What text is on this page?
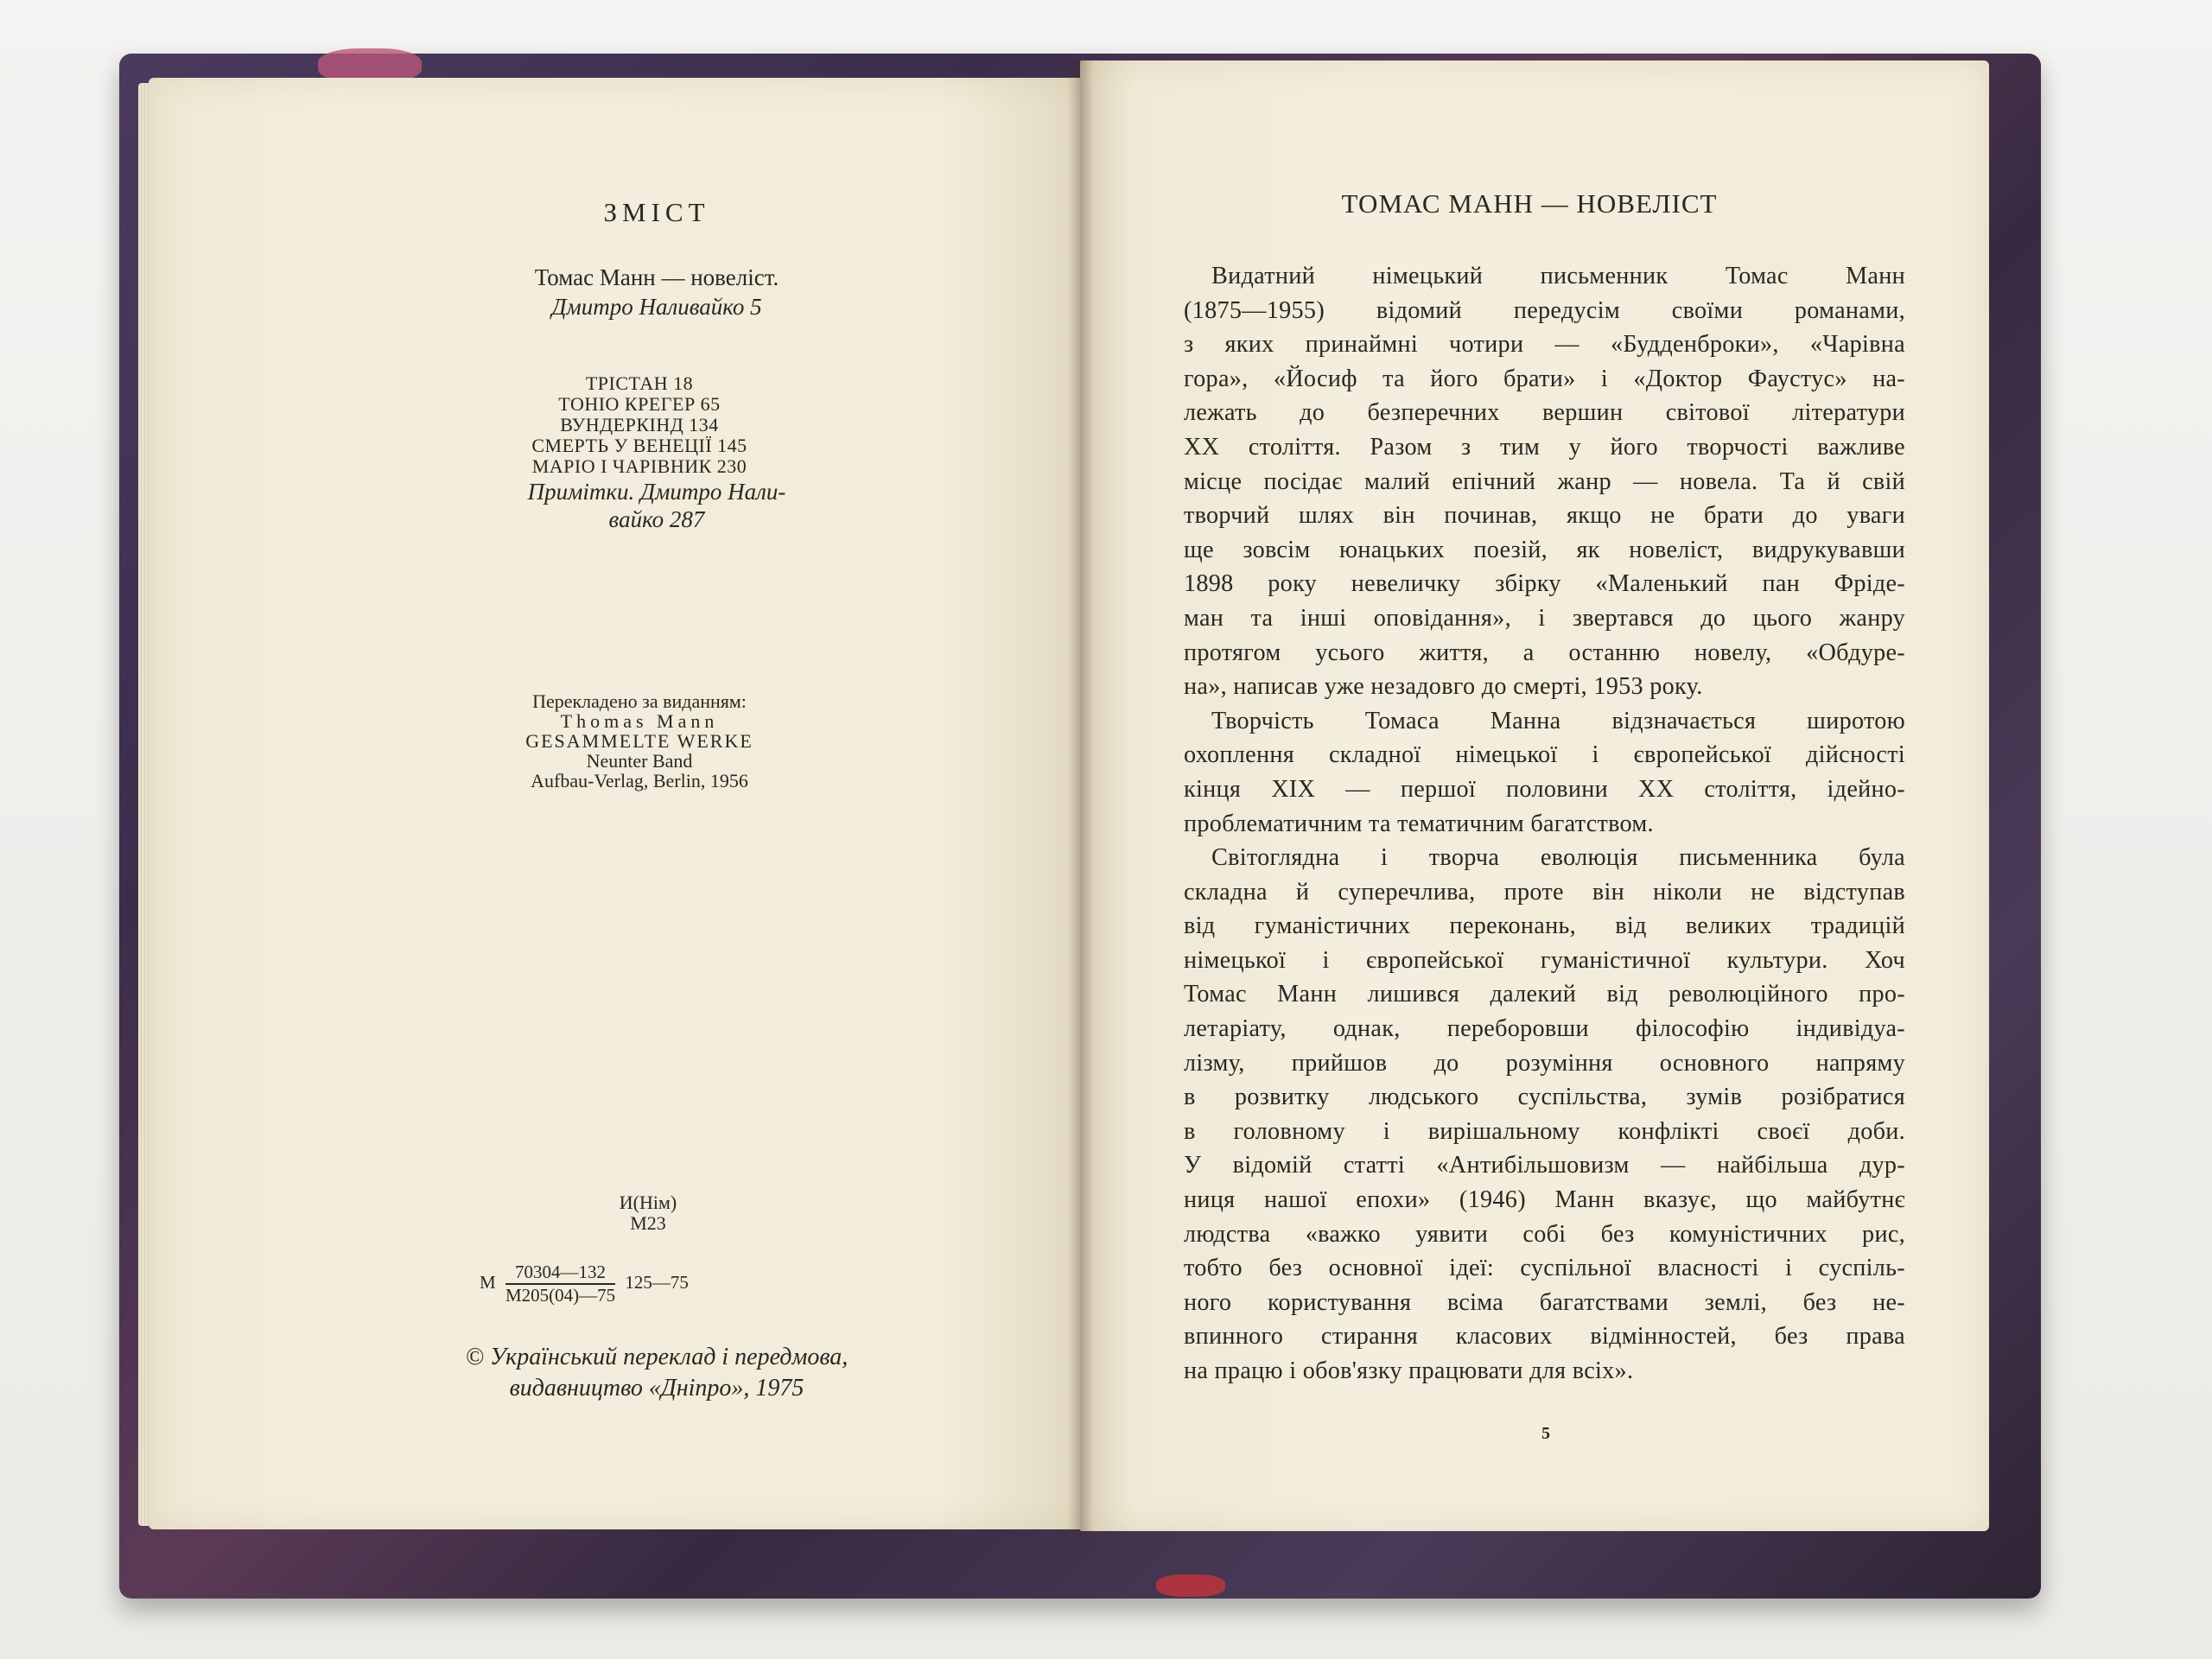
ЗМІСТ
Томас Манн — новеліст.
Дмитро Наливайко 5
ТРІСТАН 18
ТОНІО КРЕГЕР 65
ВУНДЕРКІНД 134
СМЕРТЬ У ВЕНЕЦІЇ 145
МАРІО І ЧАРІВНИК 230
Примітки. Дмитро Нали-
вайко 287
Перекладено за виданням:
Thomas Mann
GESAMMELTE WERKE
Neunter Band
Aufbau-Verlag, Berlin, 1956
И(Нім)
М23
М $\frac{70304—132}{М205(04)—75}$ 125—75
© Український переклад і передмова,
видавництво «Дніпро», 1975
ТОМАС МАНН — НОВЕЛІСТ
Видатний німецький письменник Томас Манн
(1875—1955) відомий передусім своїми романами,
з яких принаймні чотири — «Будденброки», «Чарівна
гора», «Йосиф та його брати» і «Доктор Фаустус» на-
лежать до безперечних вершин світової літератури
XX століття. Разом з тим у його творчості важливе
місце посідає малий епічний жанр — новела. Та й свій
творчий шлях він починав, якщо не брати до уваги
ще зовсім юнацьких поезій, як новеліст, видрукувавши
1898 року невеличку збірку «Маленький пан Фріде-
ман та інші оповідання», і звертався до цього жанру
протягом усього життя, а останню новелу, «Обдуре-
на», написав уже незадовго до смерті, 1953 року.
Творчість Томаса Манна відзначається широтою
охоплення складної німецької і європейської дійсності
кінця XIX — першої половини XX століття, ідейно-
проблематичним та тематичним багатством.
Світоглядна і творча еволюція письменника була
складна й суперечлива, проте він ніколи не відступав
від гуманістичних переконань, від великих традицій
німецької і європейської гуманістичної культури. Хоч
Томас Манн лишився далекий від революційного про-
летаріату, однак, переборовши філософію індивідуа-
лізму, прийшов до розуміння основного напряму
в розвитку людського суспільства, зумів розібратися
в головному і вирішальному конфлікті своєї доби.
У відомій статті «Антибільшовизм — найбільша дур-
ниця нашої епохи» (1946) Манн вказує, що майбутнє
людства «важко уявити собі без комуністичних рис,
тобто без основної ідеї: суспільної власності і суспіль-
ного користування всіма багатствами землі, без не-
впинного стирання класових відмінностей, без права
на працю і обов'язку працювати для всіх».
5
